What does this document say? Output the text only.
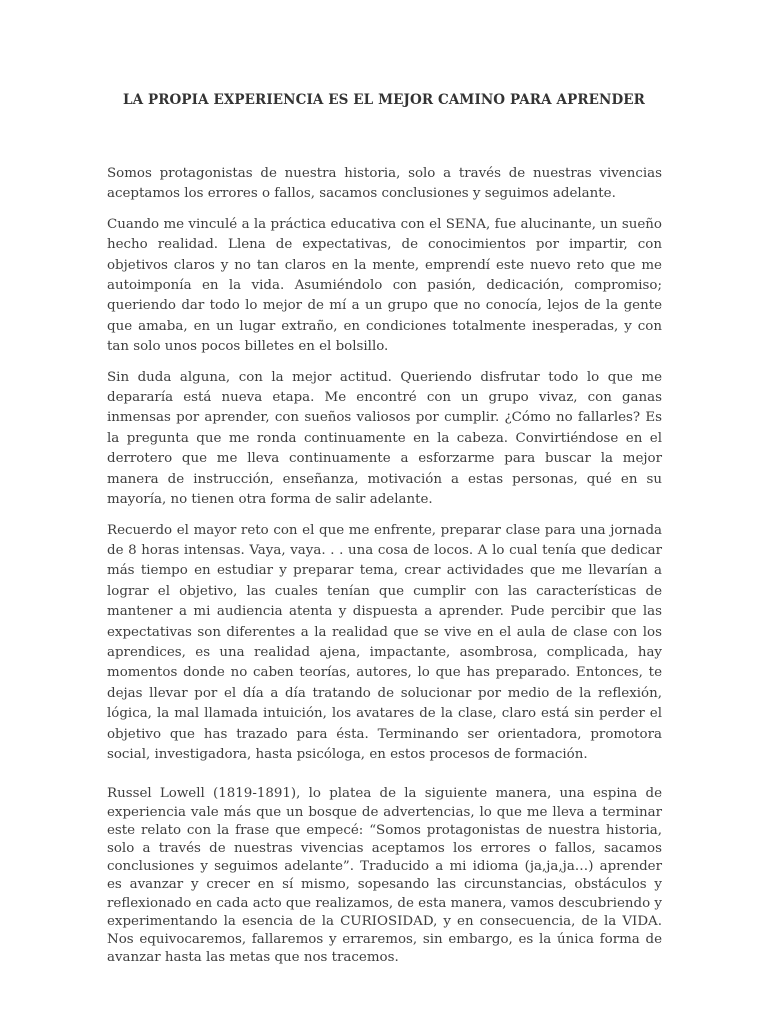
LA PROPIA EXPERIENCIA ES EL MEJOR CAMINO PARA APRENDER

Somos protagonistas de nuestra historia, solo a través de nuestras vivencias aceptamos los errores o fallos, sacamos conclusiones y seguimos adelante.

Cuando me vinculé a la práctica educativa con el SENA, fue alucinante, un sueño hecho realidad. Llena de expectativas, de conocimientos por impartir, con objetivos claros y no tan claros en la mente, emprendí este nuevo reto que me autoimponía en la vida. Asumiéndolo con pasión, dedicación, compromiso; queriendo dar todo lo mejor de mí a un grupo que no conocía, lejos de la gente que amaba, en un lugar extraño, en condiciones totalmente inesperadas, y con tan solo unos pocos billetes en el bolsillo.

Sin duda alguna, con la mejor actitud. Queriendo disfrutar todo lo que me depararía está nueva etapa. Me encontré con un grupo vivaz, con ganas inmensas por aprender, con sueños valiosos por cumplir. ¿Cómo no fallarles? Es la pregunta que me ronda continuamente en la cabeza. Convirtiéndose en el derrotero que me lleva continuamente a esforzarme para buscar la mejor manera de instrucción, enseñanza, motivación a estas personas, qué en su mayoría, no tienen otra forma de salir adelante.

Recuerdo el mayor reto con el que me enfrente, preparar clase para una jornada de 8 horas intensas. Vaya, vaya. . . una cosa de locos. A lo cual tenía que dedicar más tiempo en estudiar y preparar tema, crear actividades que me llevarían a lograr el objetivo, las cuales tenían que cumplir con las características de mantener a mi audiencia atenta y dispuesta a aprender. Pude percibir que las expectativas son diferentes a la realidad que se vive en el aula de clase con los aprendices, es una realidad ajena, impactante, asombrosa, complicada, hay momentos donde no caben teorías, autores, lo que has preparado. Entonces, te dejas llevar por el día a día tratando de solucionar por medio de la reflexión, lógica, la mal llamada intuición, los avatares de la clase, claro está sin perder el objetivo que has trazado para ésta. Terminando ser orientadora, promotora social, investigadora, hasta psicóloga, en estos procesos de formación.

Russel Lowell (1819-1891), lo platea de la siguiente manera, una espina de experiencia vale más que un bosque de advertencias, lo que me lleva a terminar este relato con la frase que empecé: “Somos protagonistas de nuestra historia, solo a través de nuestras vivencias aceptamos los errores o fallos, sacamos conclusiones y seguimos adelante”. Traducido a mi idioma (ja,ja,ja…) aprender es avanzar y crecer en sí mismo, sopesando las circunstancias, obstáculos y reflexionado en cada acto que realizamos, de esta manera, vamos descubriendo y experimentando la esencia de la CURIOSIDAD, y en consecuencia, de la VIDA. Nos equivocaremos, fallaremos y erraremos, sin embargo, es la única forma de avanzar hasta las metas que nos tracemos.
